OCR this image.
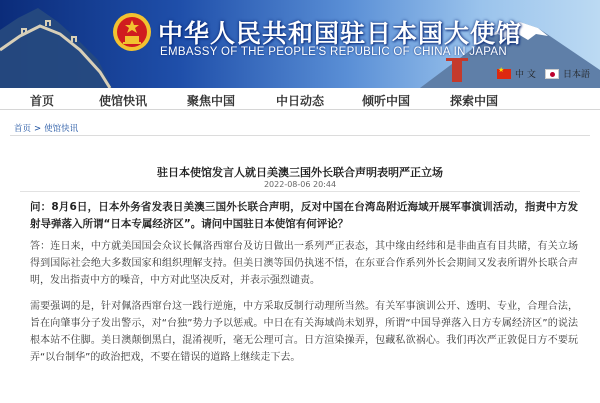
中华人民共和国驻日本国大使馆
EMBASSY OF THE PEOPLE'S REPUBLIC OF CHINA IN JAPAN
★
中 文	日本語
首页	使馆快讯	聚焦中国	中日动态	倾听中国	探索中国
首页 > 使馆快讯
驻日本使馆发言人就日美澳三国外长联合声明表明严正立场
2022-08-06 20:44
问：8月6日，日本外务省发表日美澳三国外长联合声明，反对中国在台湾岛附近海域开展军事演训活动，指责中方发射导弹落入所谓“日本专属经济区”。请问中国驻日本使馆有何评论？
答：连日来，中方就美国国会众议长佩洛西窜台及访日做出一系列严正表态，其中缘由经纬和是非曲直有目共睹，有关立场得到国际社会绝大多数国家和组织理解支持。但美日澳等国仍执迷不悟，在东亚合作系列外长会期间又发表所谓外长联合声明，发出指责中方的噪音，中方对此坚决反对，并表示强烈谴责。
需要强调的是，针对佩洛西窜台这一践行逆施，中方采取反制行动理所当然。有关军事演训公开、透明、专业，合理合法，旨在向肇事分子发出警示，对“台独”势力予以惩戒。中日在有关海域尚未划界，所谓“中国导弹落入日方专属经济区”的说法根本站不住脚。美日澳颠倒黑白，混淆视听，毫无公理可言。日方渲染操弄，包藏私欲祸心。我们再次严正敦促日方不要玩弄“以台制华”的政治把戏，不要在错误的道路上继续走下去。
